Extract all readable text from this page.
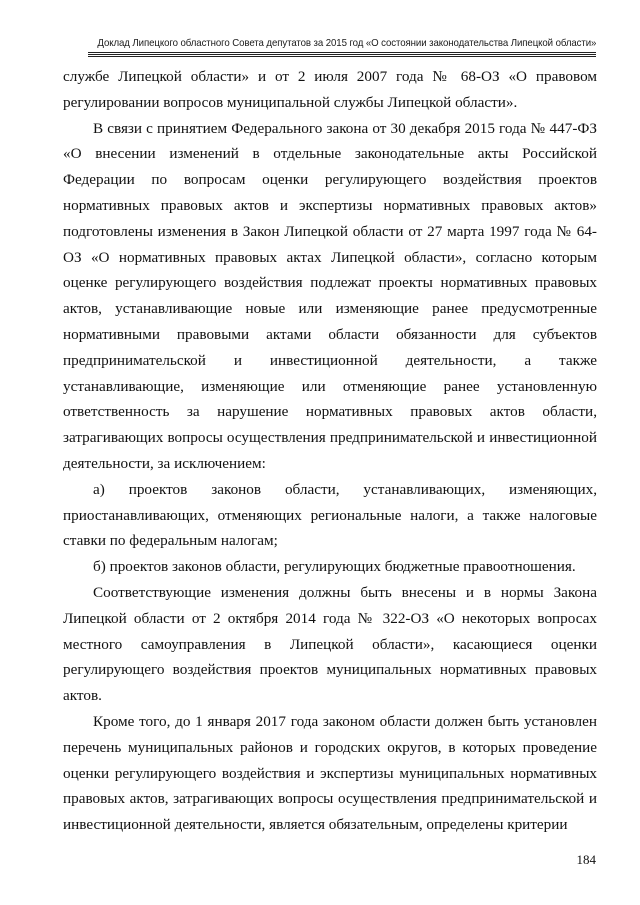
Доклад Липецкого областного Совета депутатов за 2015 год «О состоянии законодательства Липецкой области»

службе Липецкой области» и от 2 июля 2007 года № 68-ОЗ «О правовом регулировании вопросов муниципальной службы Липецкой области».

В связи с принятием Федерального закона от 30 декабря 2015 года № 447-ФЗ «О внесении изменений в отдельные законодательные акты Российской Федерации по вопросам оценки регулирующего воздействия проектов нормативных правовых актов и экспертизы нормативных правовых актов» подготовлены изменения в Закон Липецкой области от 27 марта 1997 года № 64-ОЗ «О нормативных правовых актах Липецкой области», согласно которым оценке регулирующего воздействия подлежат проекты нормативных правовых актов, устанавливающие новые или изменяющие ранее предусмотренные нормативными правовыми актами области обязанности для субъектов предпринимательской и инвестиционной деятельности, а также устанавливающие, изменяющие или отменяющие ранее установленную ответственность за нарушение нормативных правовых актов области, затрагивающих вопросы осуществления предпринимательской и инвестиционной деятельности, за исключением:

а) проектов законов области, устанавливающих, изменяющих, приостанавливающих, отменяющих региональные налоги, а также налоговые ставки по федеральным налогам;

б) проектов законов области, регулирующих бюджетные правоотношения.

Соответствующие изменения должны быть внесены и в нормы Закона Липецкой области от 2 октября 2014 года № 322-ОЗ «О некоторых вопросах местного самоуправления в Липецкой области», касающиеся оценки регулирующего воздействия проектов муниципальных нормативных правовых актов.

Кроме того, до 1 января 2017 года законом области должен быть установлен перечень муниципальных районов и городских округов, в которых проведение оценки регулирующего воздействия и экспертизы муниципальных нормативных правовых актов, затрагивающих вопросы осуществления предпринимательской и инвестиционной деятельности, является обязательным, определены критерии

184
